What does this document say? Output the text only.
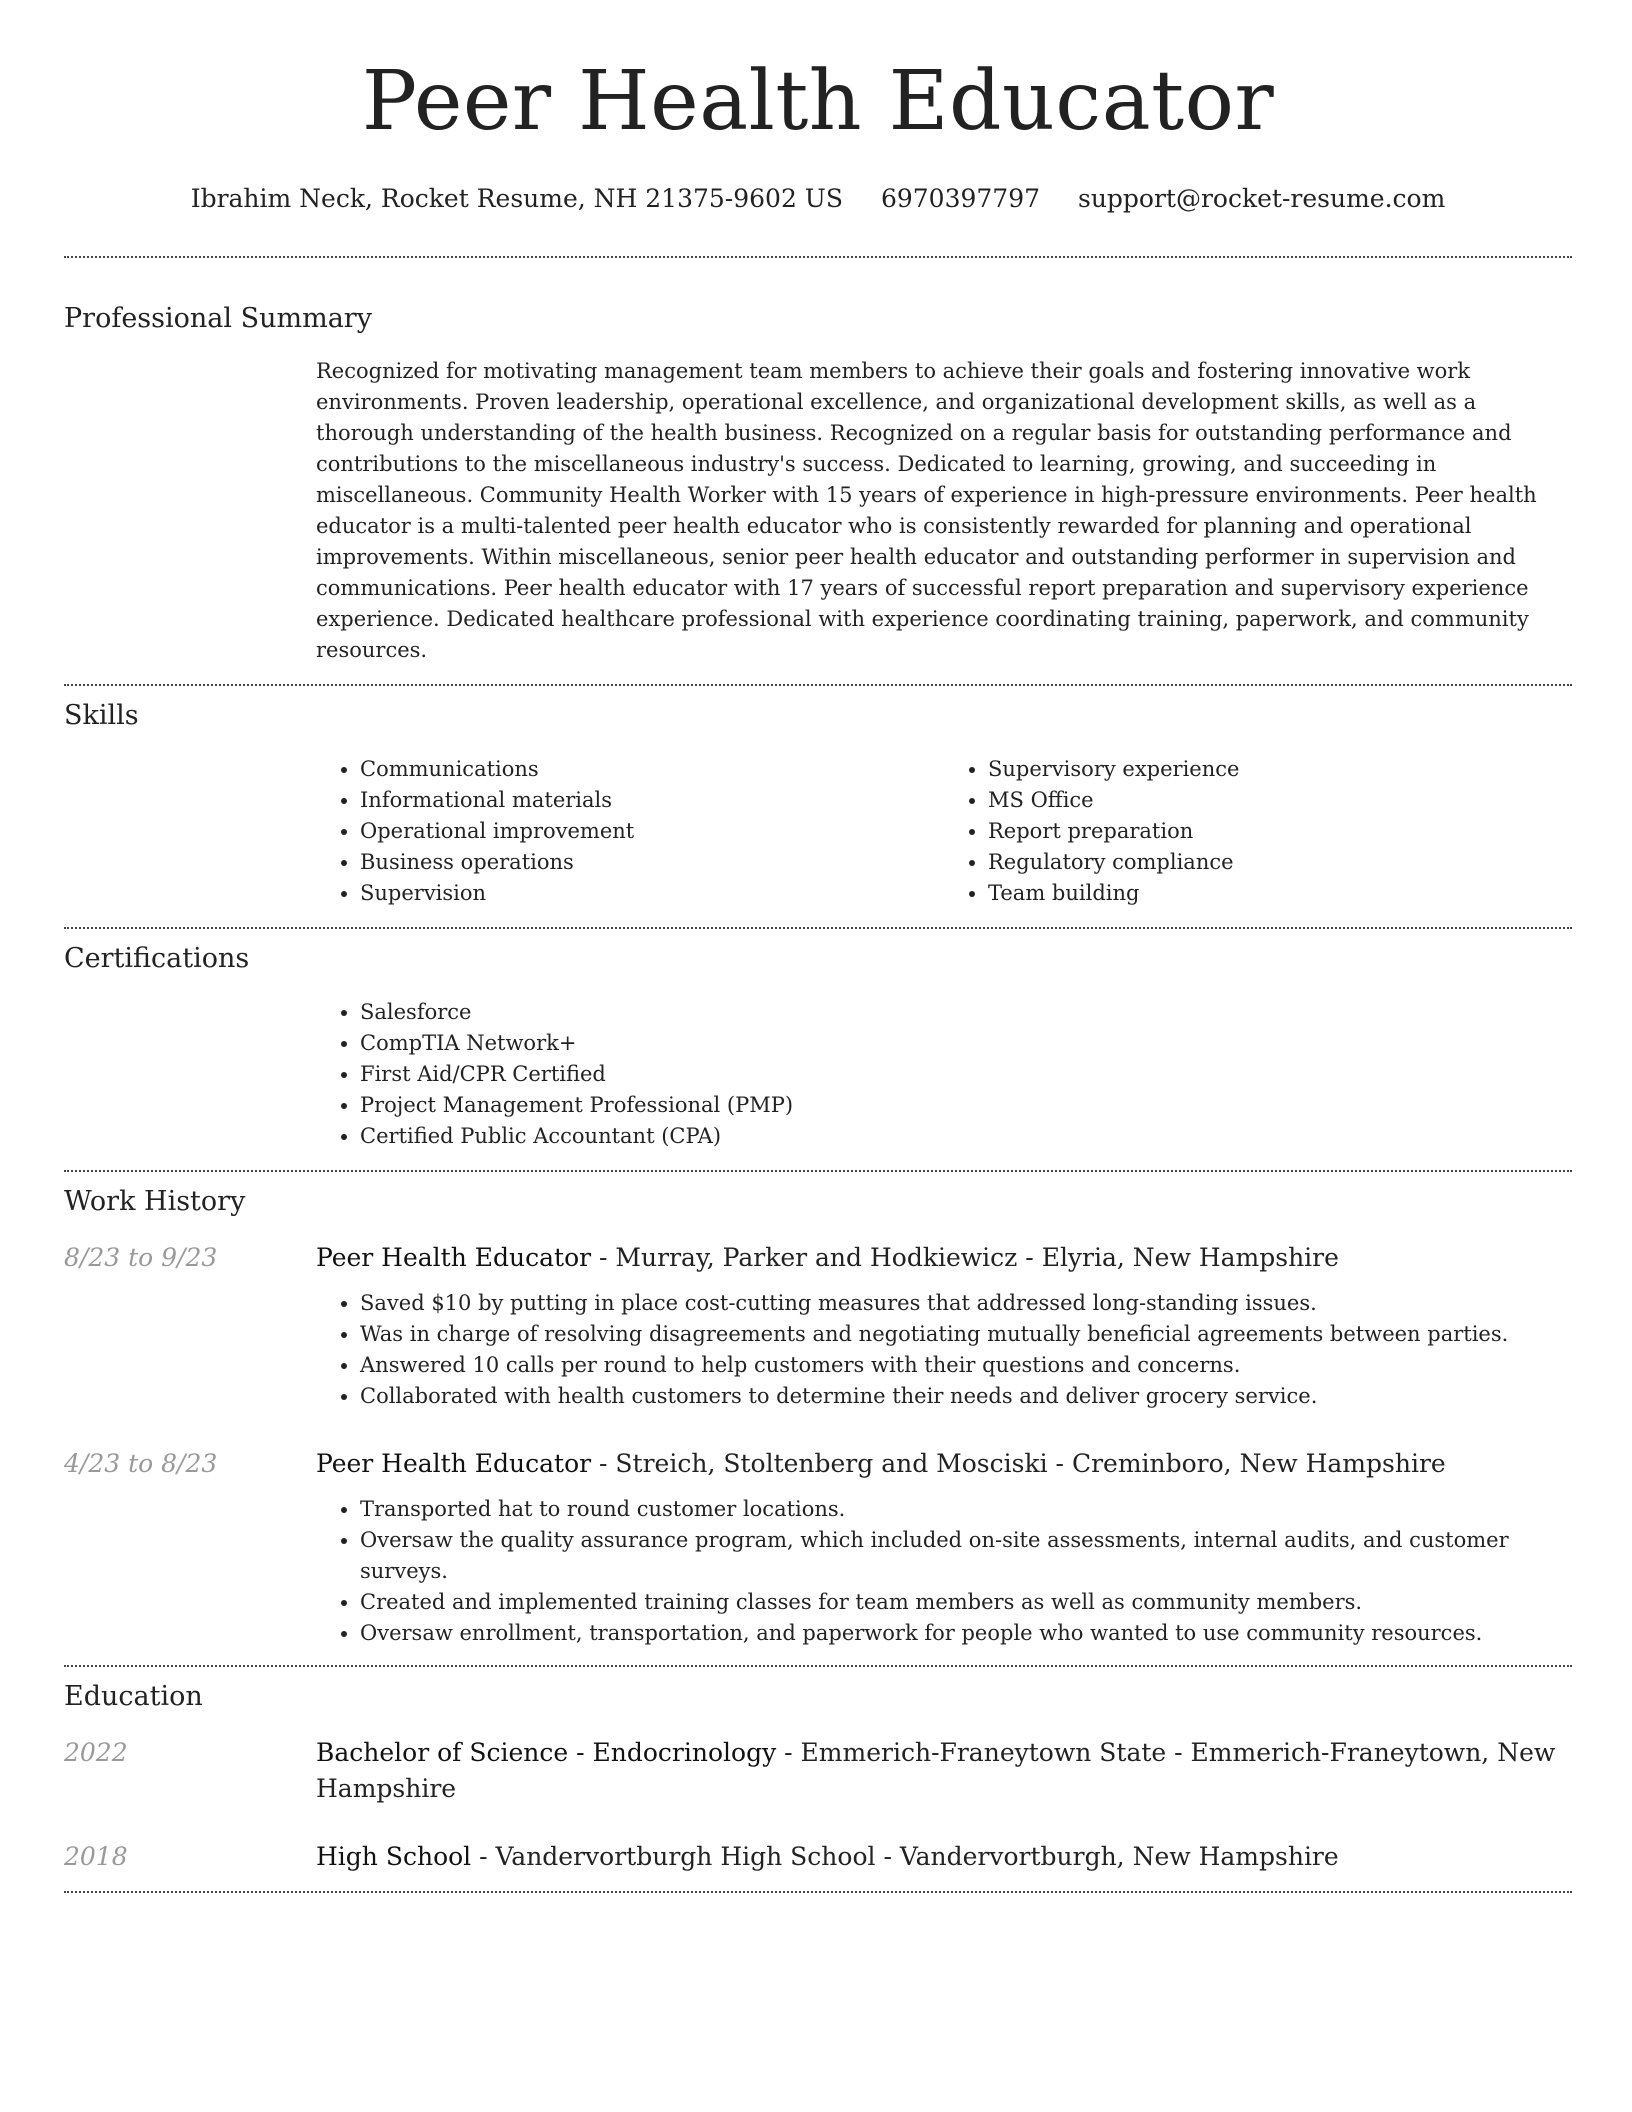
Peer Health Educator
Ibrahim Neck, Rocket Resume, NH 21375-9602 US 6970397797 support@rocket-resume.com
Professional Summary

Recognized for motivating management team members to achieve their goals and fostering innovative work environments. Proven leadership, operational excellence, and organizational development skills, as well as a thorough understanding of the health business. Recognized on a regular basis for outstanding performance and contributions to the miscellaneous industry's success. Dedicated to learning, growing, and succeeding in miscellaneous. Community Health Worker with 15 years of experience in high-pressure environments. Peer health educator is a multi-talented peer health educator who is consistently rewarded for planning and operational improvements. Within miscellaneous, senior peer health educator and outstanding performer in supervision and communications. Peer health educator with 17 years of successful report preparation and supervisory experience experience. Dedicated healthcare professional with experience coordinating training, paperwork, and community resources.

Skills
• Communications
• Informational materials
• Operational improvement
• Business operations
• Supervision
• Supervisory experience
• MS Office
• Report preparation
• Regulatory compliance
• Team building
Certifications
• Salesforce
• CompTIA Network+
• First Aid/CPR Certified
• Project Management Professional (PMP)
• Certified Public Accountant (CPA)
Work History
8/23 to 9/23	Peer Health Educator - Murray, Parker and Hodkiewicz - Elyria, New Hampshire
• Saved $10 by putting in place cost-cutting measures that addressed long-standing issues.
• Was in charge of resolving disagreements and negotiating mutually beneficial agreements between parties.
• Answered 10 calls per round to help customers with their questions and concerns.
• Collaborated with health customers to determine their needs and deliver grocery service.
4/23 to 8/23	Peer Health Educator - Streich, Stoltenberg and Mosciski - Creminboro, New Hampshire
• Transported hat to round customer locations.
• Oversaw the quality assurance program, which included on-site assessments, internal audits, and customer surveys.
• Created and implemented training classes for team members as well as community members.
• Oversaw enrollment, transportation, and paperwork for people who wanted to use community resources.
Education
2022	Bachelor of Science - Endocrinology - Emmerich-Franeytown State - Emmerich-Franeytown, New Hampshire
2018	High School - Vandervortburgh High School - Vandervortburgh, New Hampshire
